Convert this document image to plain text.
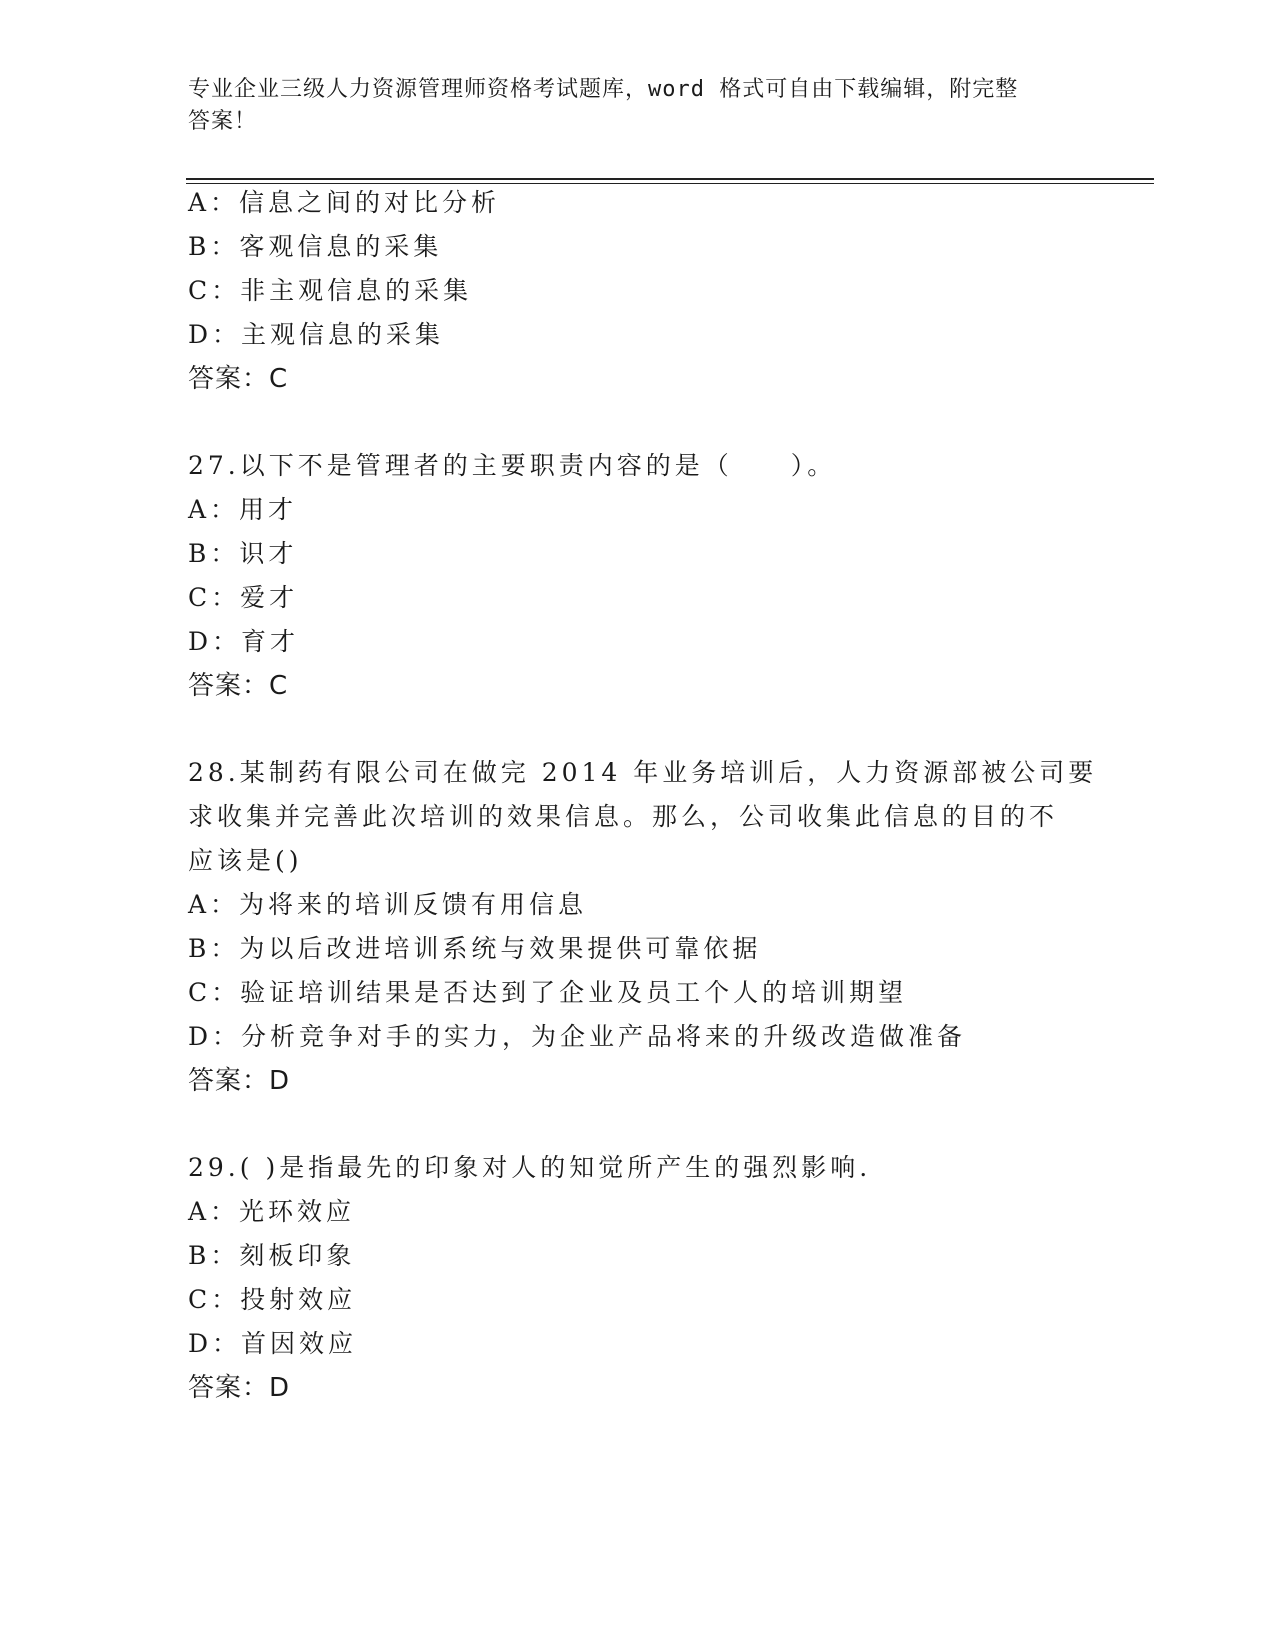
专业企业三级人力资源管理师资格考试题库，word 格式可自由下载编辑，附完整
答案！
A：信息之间的对比分析
B：客观信息的采集
C：非主观信息的采集
D：主观信息的采集
答案：C
27.以下不是管理者的主要职责内容的是（　　）。
A：用才
B：识才
C：爱才
D：育才
答案：C
28.某制药有限公司在做完 2014 年业务培训后，人力资源部被公司要
求收集并完善此次培训的效果信息。那么，公司收集此信息的目的不
应该是()
A：为将来的培训反馈有用信息
B：为以后改进培训系统与效果提供可靠依据
C：验证培训结果是否达到了企业及员工个人的培训期望
D：分析竞争对手的实力，为企业产品将来的升级改造做准备
答案：D
29.( )是指最先的印象对人的知觉所产生的强烈影响.
A：光环效应
B：刻板印象
C：投射效应
D：首因效应
答案：D
